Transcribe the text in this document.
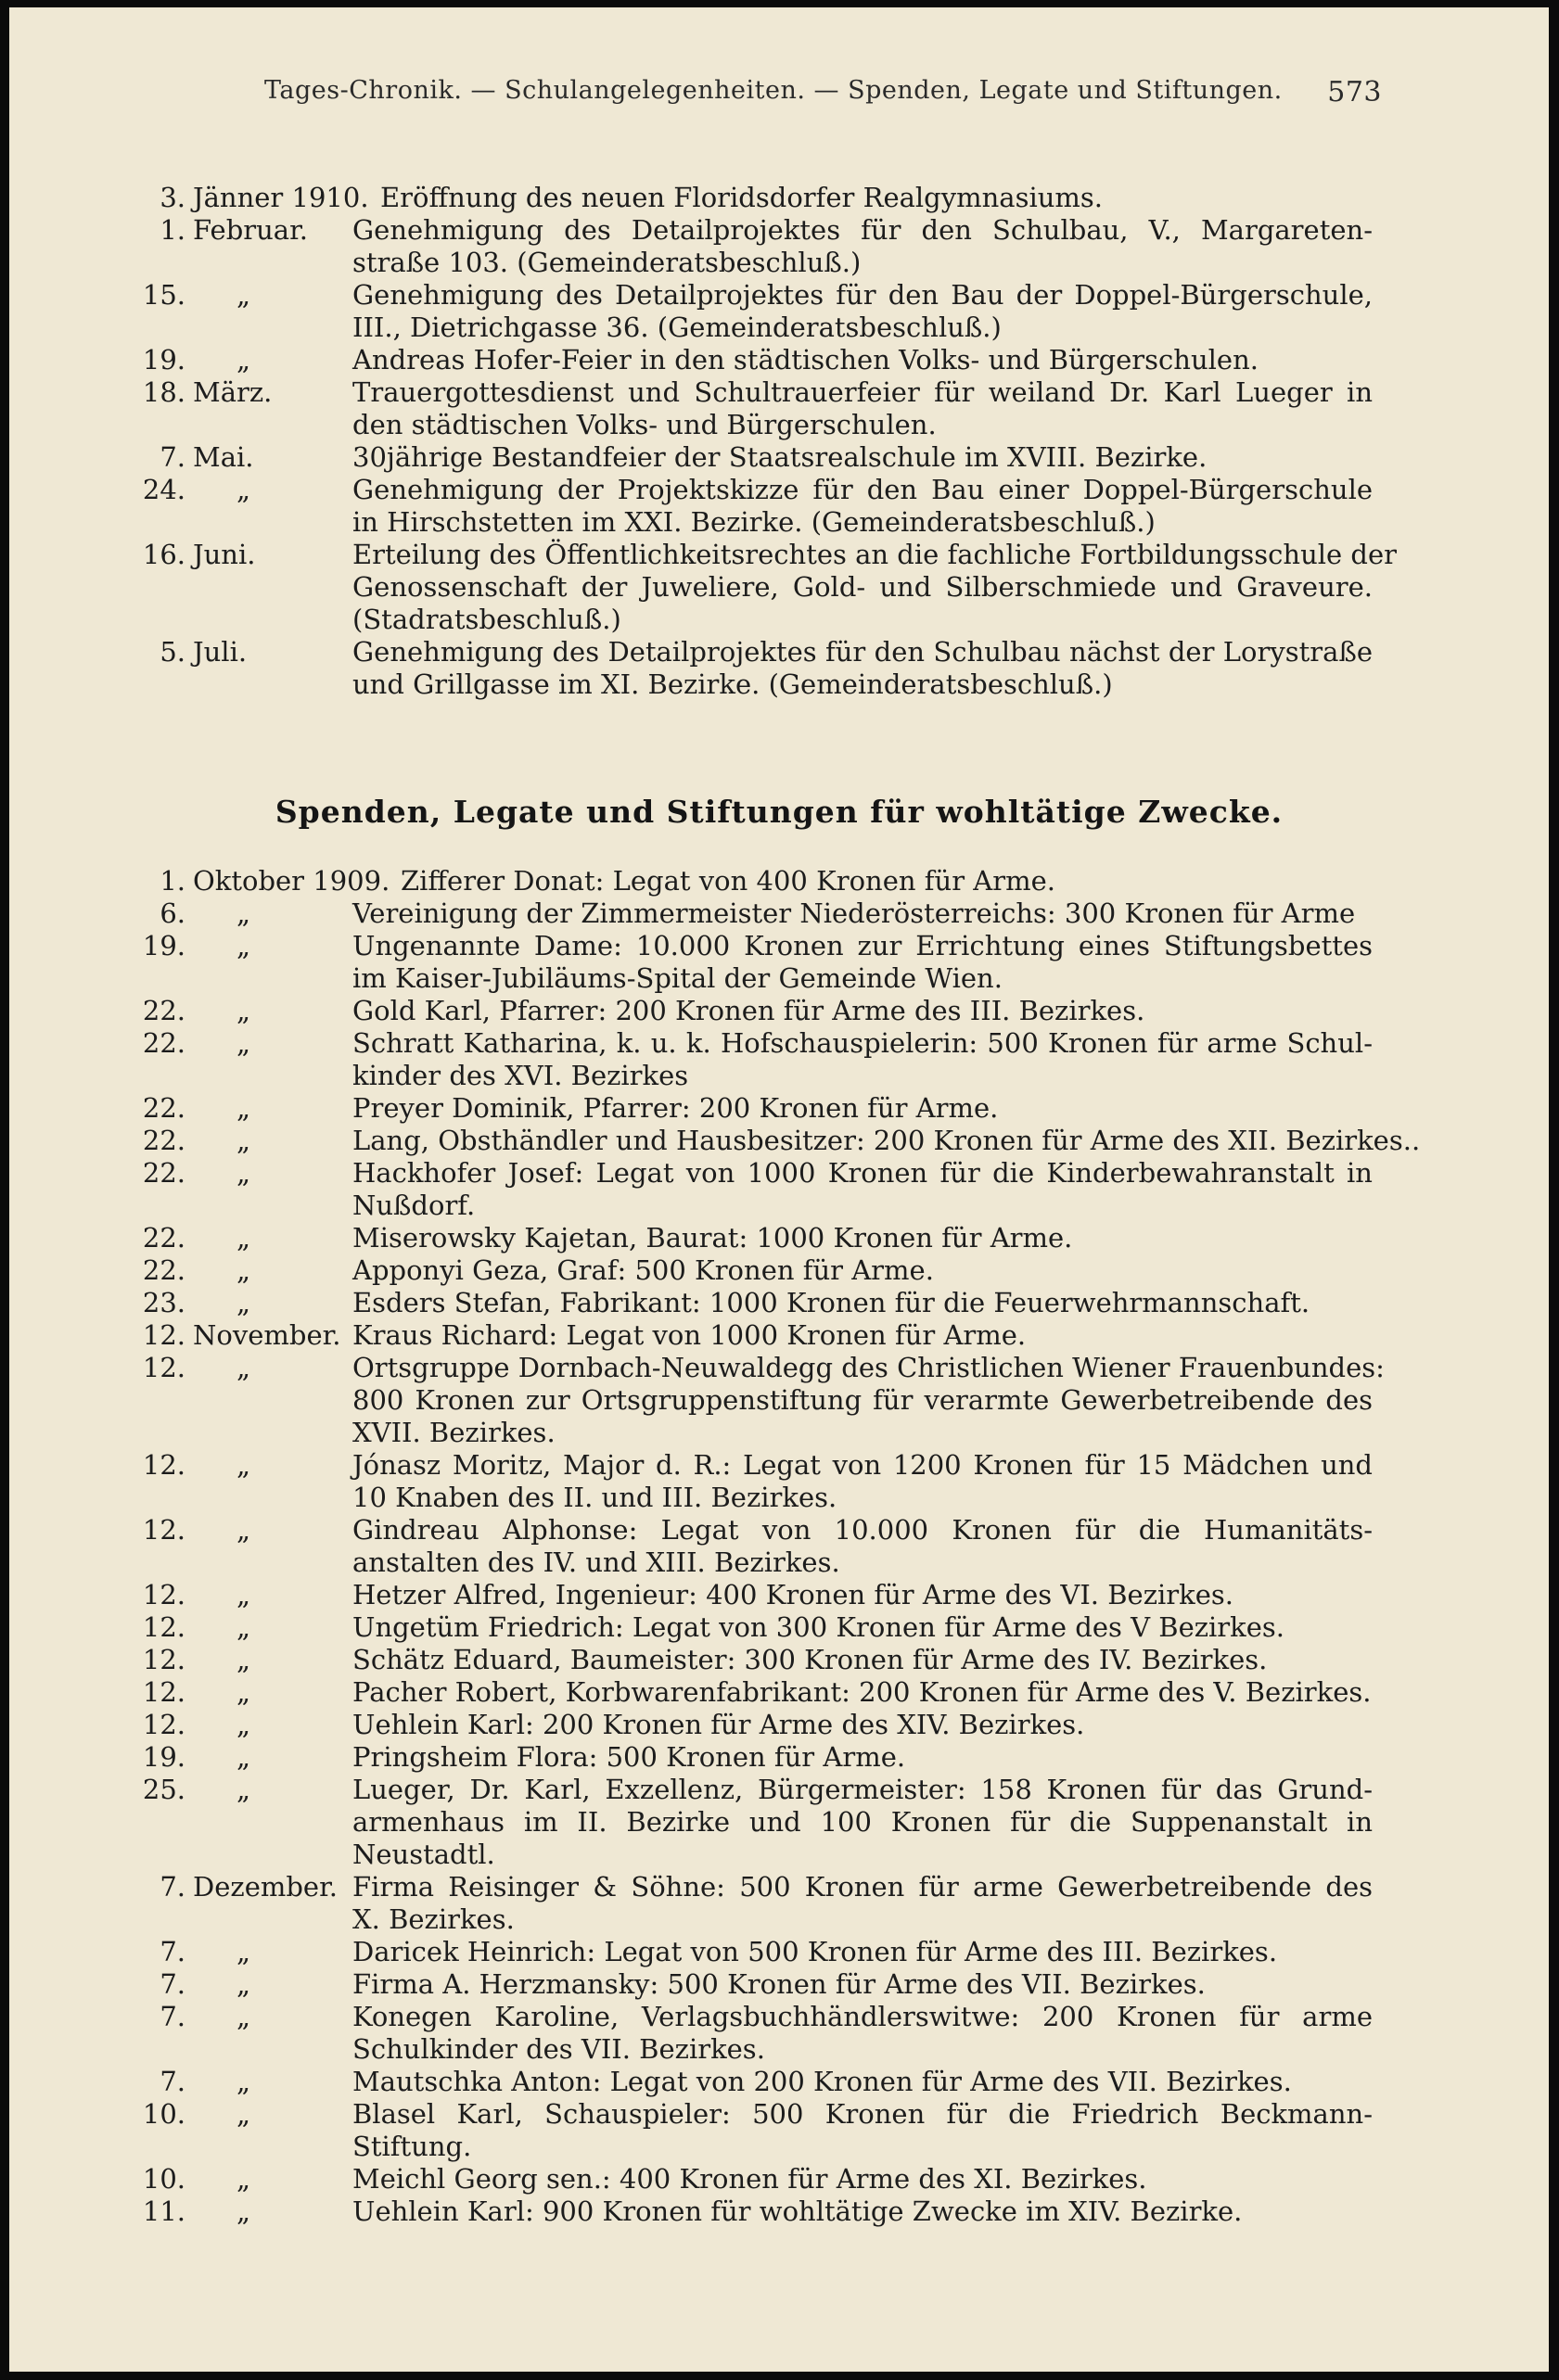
Tages-Chronik. — Schulangelegenheiten. — Spenden, Legate und Stiftungen. 573
3. Jänner 1910. Eröffnung des neuen Floridsdorfer Realgymnasiums.
1. Februar. Genehmigung des Detailprojektes für den Schulbau, V., Margareten-
straße 103. (Gemeinderatsbeschluß.)
15. „	Genehmigung des Detailprojektes für den Bau der Doppel-Bürgerschule,
III., Dietrichgasse 36. (Gemeinderatsbeschluß.)
19. „	Andreas Hofer-Feier in den städtischen Volks- und Bürgerschulen.
18. März.	Trauergottesdienst und Schultrauerfeier für weiland Dr. Karl Lueger in
den städtischen Volks- und Bürgerschulen.
7. Mai.	30jährige Bestandfeier der Staatsrealschule im XVIII. Bezirke.
24. „	Genehmigung der Projektskizze für den Bau einer Doppel-Bürgerschule
in Hirschstetten im XXI. Bezirke. (Gemeinderatsbeschluß.)
16. Juni.	Erteilung des Öffentlichkeitsrechtes an die fachliche Fortbildungsschule der
Genossenschaft der Juweliere, Gold- und Silberschmiede und Graveure.
(Stadratsbeschluß.)
5. Juli.	Genehmigung des Detailprojektes für den Schulbau nächst der Lorystraße
und Grillgasse im XI. Bezirke. (Gemeinderatsbeschluß.)
Spenden, Legate und Stiftungen für wohltätige Zwecke.
1. Oktober 1909. Zifferer Donat: Legat von 400 Kronen für Arme.
6. „	Vereinigung der Zimmermeister Niederösterreichs: 300 Kronen für Arme
19. „	Ungenannte Dame: 10.000 Kronen zur Errichtung eines Stiftungsbettes
im Kaiser-Jubiläums-Spital der Gemeinde Wien.
22. „	Gold Karl, Pfarrer: 200 Kronen für Arme des III. Bezirkes.
22. „	Schratt Katharina, k. u. k. Hofschauspielerin: 500 Kronen für arme Schul-
kinder des XVI. Bezirkes
22. „	Preyer Dominik, Pfarrer: 200 Kronen für Arme.
22. „	Lang, Obsthändler und Hausbesitzer: 200 Kronen für Arme des XII. Bezirkes..
22. „	Hackhofer Josef: Legat von 1000 Kronen für die Kinderbewahranstalt in
Nußdorf.
22. „	Miserowsky Kajetan, Baurat: 1000 Kronen für Arme.
22. „	Apponyi Geza, Graf: 500 Kronen für Arme.
23. „	Esders Stefan, Fabrikant: 1000 Kronen für die Feuerwehrmannschaft.
12. November. Kraus Richard: Legat von 1000 Kronen für Arme.
12. „	Ortsgruppe Dornbach-Neuwaldegg des Christlichen Wiener Frauenbundes:
800 Kronen zur Ortsgruppenstiftung für verarmte Gewerbetreibende des
XVII. Bezirkes.
12. „	Jónasz Moritz, Major d. R.: Legat von 1200 Kronen für 15 Mädchen und
10 Knaben des II. und III. Bezirkes.
12. „	Gindreau Alphonse: Legat von 10.000 Kronen für die Humanitäts-
anstalten des IV. und XIII. Bezirkes.
12. „	Hetzer Alfred, Ingenieur: 400 Kronen für Arme des VI. Bezirkes.
12. „	Ungetüm Friedrich: Legat von 300 Kronen für Arme des V Bezirkes.
12. „	Schätz Eduard, Baumeister: 300 Kronen für Arme des IV. Bezirkes.
12. „	Pacher Robert, Korbwarenfabrikant: 200 Kronen für Arme des V. Bezirkes.
12. „	Uehlein Karl: 200 Kronen für Arme des XIV. Bezirkes.
19. „	Pringsheim Flora: 500 Kronen für Arme.
25. „	Lueger, Dr. Karl, Exzellenz, Bürgermeister: 158 Kronen für das Grund-
armenhaus im II. Bezirke und 100 Kronen für die Suppenanstalt in
Neustadtl.
7. Dezember. Firma Reisinger & Söhne: 500 Kronen für arme Gewerbetreibende des
X. Bezirkes.
7. „	Daricek Heinrich: Legat von 500 Kronen für Arme des III. Bezirkes.
7. „	Firma A. Herzmansky: 500 Kronen für Arme des VII. Bezirkes.
7. „	Konegen Karoline, Verlagsbuchhändlerswitwe: 200 Kronen für arme
Schulkinder des VII. Bezirkes.
7. „	Mautschka Anton: Legat von 200 Kronen für Arme des VII. Bezirkes.
10. „	Blasel Karl, Schauspieler: 500 Kronen für die Friedrich Beckmann-
Stiftung.
10. „	Meichl Georg sen.: 400 Kronen für Arme des XI. Bezirkes.
11. „	Uehlein Karl: 900 Kronen für wohltätige Zwecke im XIV. Bezirke.
